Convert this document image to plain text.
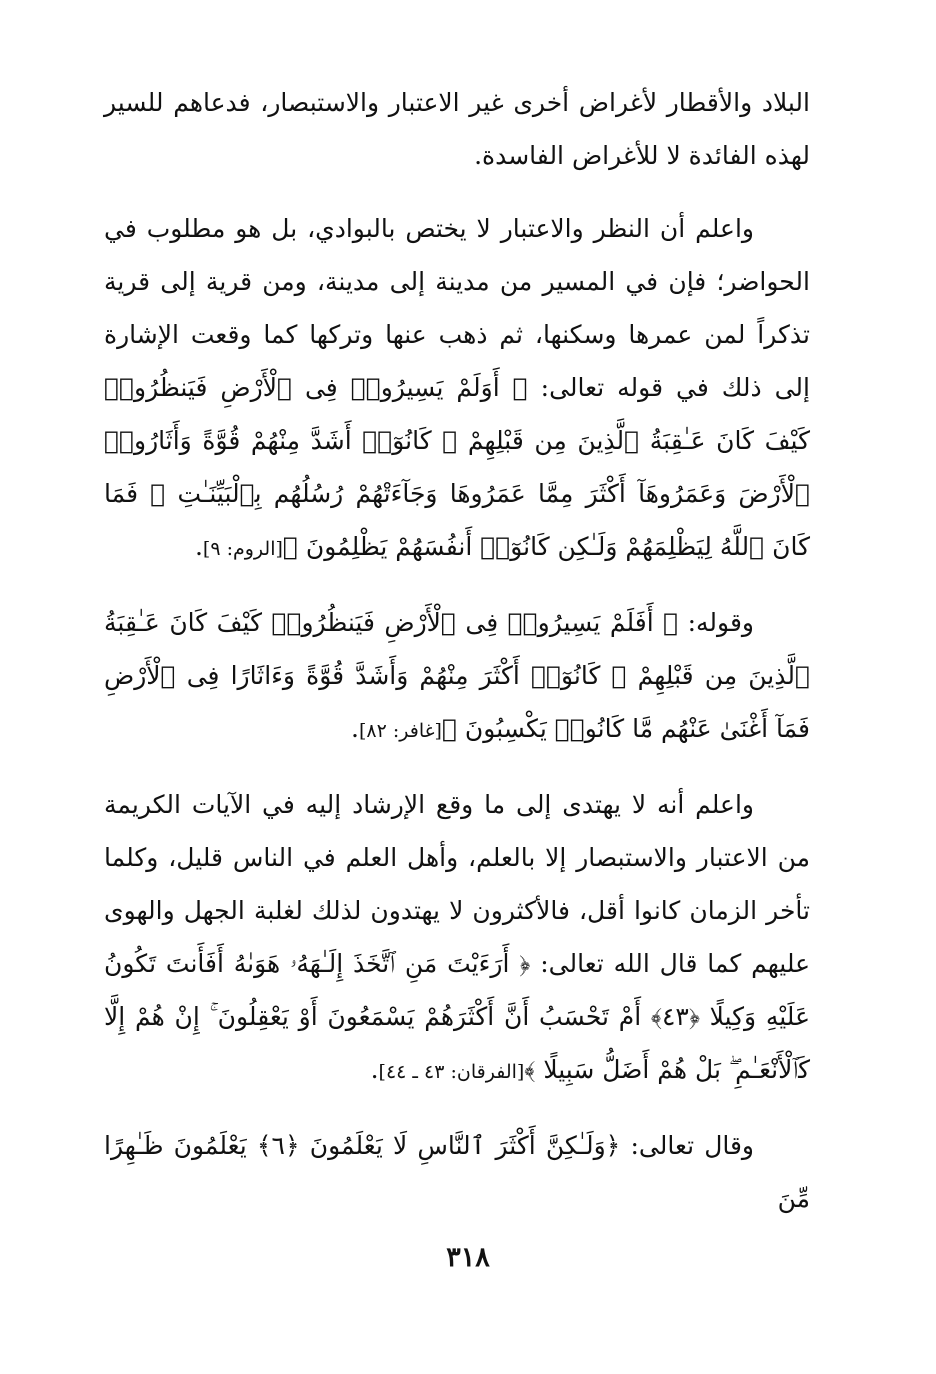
البلاد والأقطار لأغراض أخرى غير الاعتبار والاستبصار، فدعاهم للسير لهذه الفائدة لا للأغراض الفاسدة.

واعلم أن النظر والاعتبار لا يختص بالبوادي، بل هو مطلوب في الحواضر؛ فإن في المسير من مدينة إلى مدينة، ومن قرية إلى قرية تذكراً لمن عمرها وسكنها، ثم ذهب عنها وتركها كما وقعت الإشارة إلى ذلك في قوله تعالى: ﴿ أَوَلَمْ يَسِيرُوا۟ فِى ٱلْأَرْضِ فَيَنظُرُوا۟ كَيْفَ كَانَ عَـٰقِبَةُ ٱلَّذِينَ مِن قَبْلِهِمْ ۚ كَانُوٓا۟ أَشَدَّ مِنْهُمْ قُوَّةً وَأَثَارُوا۟ ٱلْأَرْضَ وَعَمَرُوهَآ أَكْثَرَ مِمَّا عَمَرُوهَا وَجَآءَتْهُمْ رُسُلُهُم بِٱلْبَيِّنَـٰتِ ۖ فَمَا كَانَ ٱللَّهُ لِيَظْلِمَهُمْ وَلَـٰكِن كَانُوٓا۟ أَنفُسَهُمْ يَظْلِمُونَ ﴾[الروم: ٩].

وقوله: ﴿ أَفَلَمْ يَسِيرُوا۟ فِى ٱلْأَرْضِ فَيَنظُرُوا۟ كَيْفَ كَانَ عَـٰقِبَةُ ٱلَّذِينَ مِن قَبْلِهِمْ ۚ كَانُوٓا۟ أَكْثَرَ مِنْهُمْ وَأَشَدَّ قُوَّةً وَءَاثَارًا فِى ٱلْأَرْضِ فَمَآ أَغْنَىٰ عَنْهُم مَّا كَانُوا۟ يَكْسِبُونَ ﴾[غافر: ٨٢].

واعلم أنه لا يهتدى إلى ما وقع الإرشاد إليه في الآيات الكريمة من الاعتبار والاستبصار إلا بالعلم، وأهل العلم في الناس قليل، وكلما تأخر الزمان كانوا أقل، فالأكثرون لا يهتدون لذلك لغلبة الجهل والهوى عليهم كما قال الله تعالى: ﴿ أَرَءَيْتَ مَنِ ٱتَّخَذَ إِلَـٰهَهُۥ هَوَىٰهُ أَفَأَنتَ تَكُونُ عَلَيْهِ وَكِيلًا ﴿٤٣﴾ أَمْ تَحْسَبُ أَنَّ أَكْثَرَهُمْ يَسْمَعُونَ أَوْ يَعْقِلُونَ ۚ إِنْ هُمْ إِلَّا كَٱلْأَنْعَـٰمِ ۖ بَلْ هُمْ أَضَلُّ سَبِيلًا ﴾[الفرقان: ٤٣ ـ ٤٤].

وقال تعالى: ﴿وَلَـٰكِنَّ أَكْثَرَ ٱلنَّاسِ لَا يَعْلَمُونَ ﴿٦﴾ يَعْلَمُونَ ظَـٰهِرًا مِّنَ

٣١٨
